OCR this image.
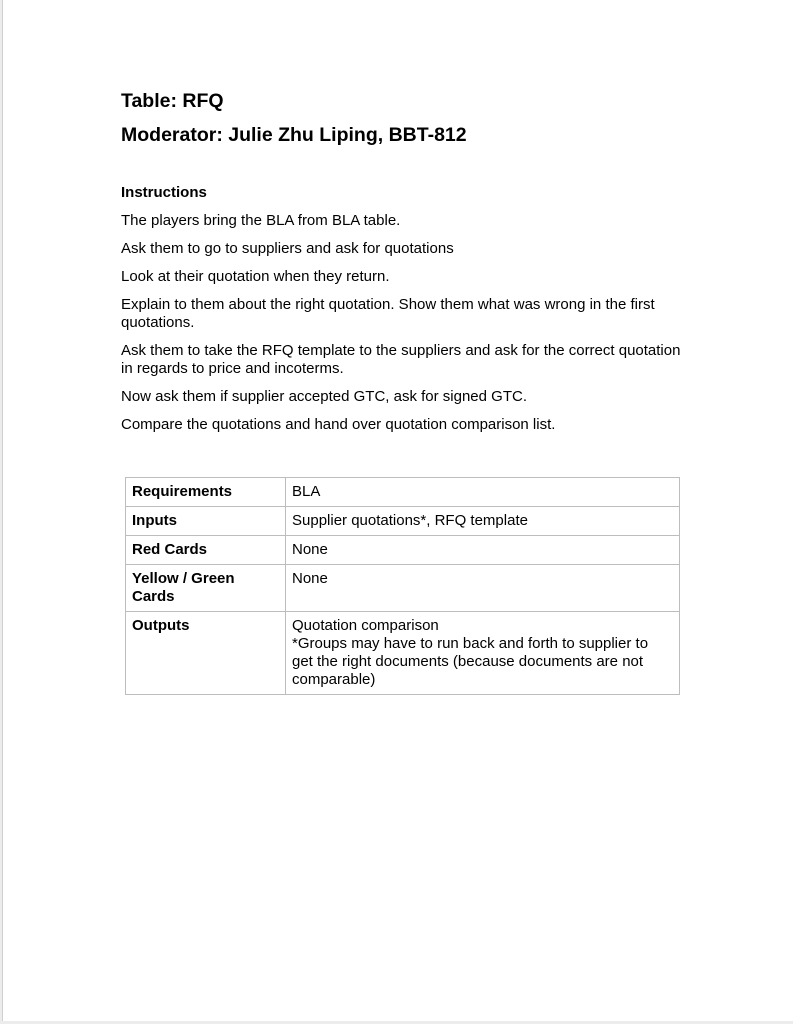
Table: RFQ
Moderator: Julie Zhu Liping, BBT-812
Instructions

The players bring the BLA from BLA table.

Ask them to go to suppliers and ask for quotations

Look at their quotation when they return.

Explain to them about the right quotation. Show them what was wrong in the first quotations.

Ask them to take the RFQ template to the suppliers and ask for the correct quotation in regards to price and incoterms.

Now ask them if supplier accepted GTC, ask for signed GTC.

Compare the quotations and hand over quotation comparison list.

Requirements	BLA
Inputs	Supplier quotations*, RFQ template
Red Cards	None
Yellow / Green Cards	None
Outputs	Quotation comparison
*Groups may have to run back and forth to supplier to get the right documents (because documents are not comparable)
